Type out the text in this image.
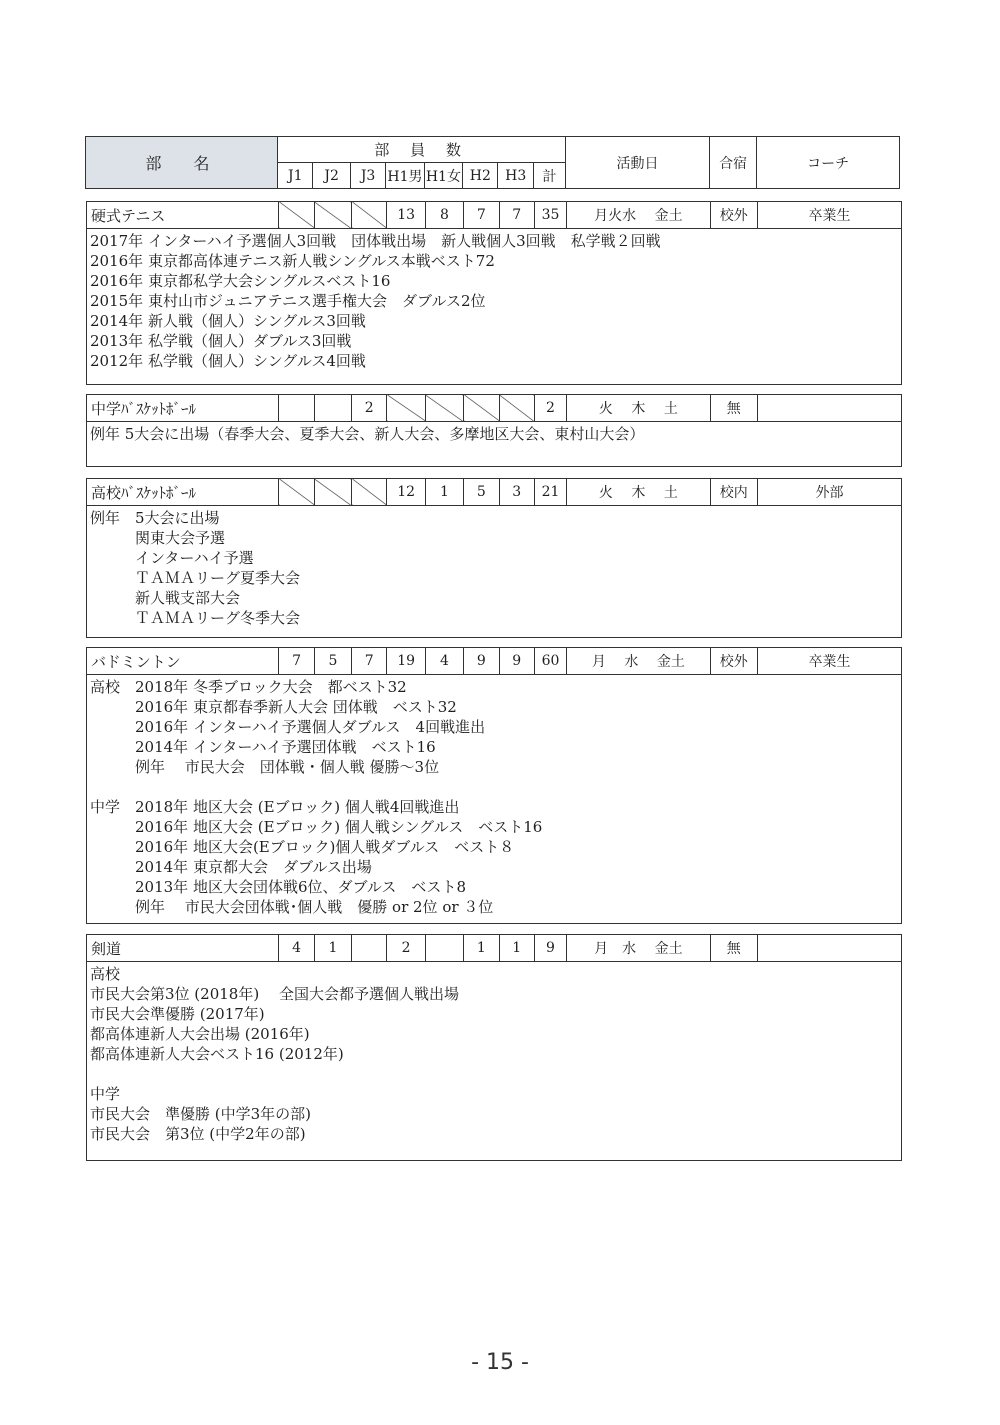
部　名	部 員 数								活動日	合宿	コーチ
	J1	J2	J3	H1男	H1女	H2	H3	計			
硬式テニス				13	8	7	7	35	月火水　 金土	校外	卒業生
2017年 インターハイ予選個人3回戦　団体戦出場　新人戦個人3回戦　私学戦２回戦
2016年 東京都高体連テニス新人戦シングルス本戦ベスト72
2016年 東京都私学大会シングルスベスト16
2015年 東村山市ジュニアテニス選手権大会　ダブルス2位
2014年 新人戦（個人）シングルス3回戦
2013年 私学戦（個人）ダブルス3回戦
2012年 私学戦（個人）シングルス4回戦
中学ﾊﾞｽｹｯﾄﾎﾞｰﾙ			2					2	火　 木　 土	無	
例年 5大会に出場（春季大会、夏季大会、新人大会、多摩地区大会、東村山大会）
高校ﾊﾞｽｹｯﾄﾎﾞｰﾙ				12	1	5	3	21	火　 木　 土	校内	外部
例年　5大会に出場
　　　関東大会予選
　　　インターハイ予選
　　　ＴＡＭＡリーグ夏季大会
　　　新人戦支部大会
　　　ＴＡＭＡリーグ冬季大会
バドミントン	7	5	7	19	4	9	9	60	月　 水　 金土	校外	卒業生
高校　2018年 冬季ブロック大会　都ベスト32
　　　2016年 東京都春季新人大会 団体戦　ベスト32
　　　2016年 インターハイ予選個人ダブルス　4回戦進出
　　　2014年 インターハイ予選団体戦　ベスト16
　　　例年　 市民大会　団体戦・個人戦 優勝～3位

中学　2018年 地区大会 (Eブロック) 個人戦4回戦進出
　　　2016年 地区大会 (Eブロック) 個人戦シングルス　ベスト16
　　　2016年 地区大会(Eブロック)個人戦ダブルス　ベスト８
　　　2014年 東京都大会　ダブルス出場
　　　2013年 地区大会団体戦6位、ダブルス　ベスト8
　　　例年　 市民大会団体戦･個人戦　優勝 or 2位 or ３位
剣道	4	1		2		1	1	9	月　水　 金土	無	
高校
市民大会第3位 (2018年)　 全国大会都予選個人戦出場
市民大会準優勝 (2017年)
都高体連新人大会出場 (2016年)
都高体連新人大会ベスト16 (2012年)

中学
市民大会　準優勝 (中学3年の部)
市民大会　第3位 (中学2年の部)
- 15 -
